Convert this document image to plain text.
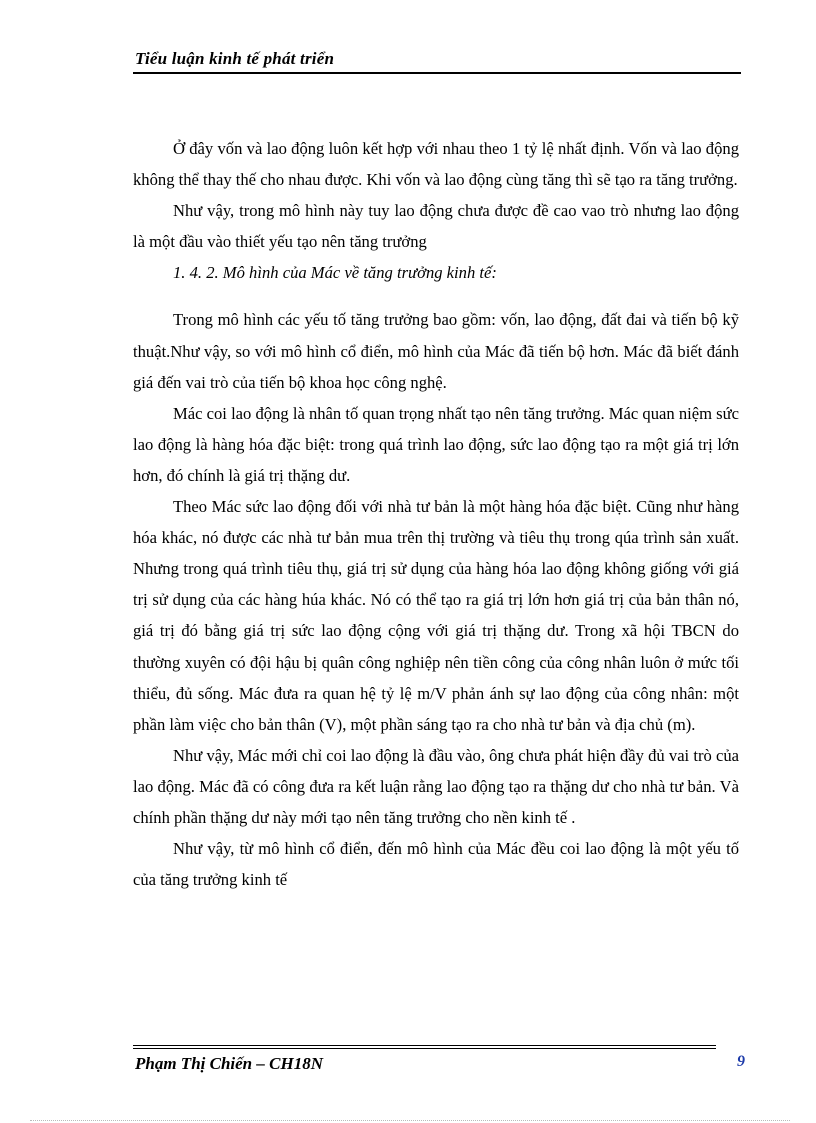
Tiểu luận kinh tế phát triển

Ở đây vốn và lao động luôn kết hợp với nhau theo 1 tỷ lệ nhất định. Vốn và lao động không thể thay thế cho nhau được. Khi vốn và lao động cùng tăng thì sẽ tạo ra tăng trưởng.

Như vậy, trong mô hình này tuy lao động chưa được đề cao vao trò nhưng lao động là một đầu vào thiết yếu tạo nên tăng trưởng

1. 4. 2. Mô hình của Mác về tăng trưởng kinh tế:

Trong mô hình các yếu tố tăng trưởng bao gồm: vốn, lao động, đất đai và tiến bộ kỹ thuật.Như vậy, so với mô hình cổ điển, mô hình của Mác đã tiến bộ hơn. Mác đã biết đánh giá đến vai trò của tiến bộ khoa học công nghệ.

Mác coi lao động là nhân tố quan trọng nhất tạo nên tăng trưởng. Mác quan niệm sức lao động là hàng hóa đặc biệt: trong quá trình lao động, sức lao động tạo ra một giá trị lớn hơn, đó chính là giá trị thặng dư.

Theo Mác sức lao động đối với nhà tư bản là một hàng hóa đặc biệt. Cũng như hàng hóa khác, nó được các nhà tư bản mua trên thị trường và tiêu thụ trong qúa trình sản xuất. Nhưng trong quá trình tiêu thụ, giá trị sử dụng của hàng hóa lao động không giống với giá trị sử dụng của các hàng húa khác. Nó có thể tạo ra giá trị lớn hơn giá trị của bản thân nó, giá trị đó bằng giá trị sức lao động cộng với giá trị thặng dư. Trong xã hội TBCN do thường xuyên có đội hậu bị quân công nghiệp nên tiền công của công nhân luôn ở mức tối thiểu, đủ sống. Mác đưa ra quan hệ tỷ lệ m/V phản ánh sự lao động của công nhân: một phần làm việc cho bản thân (V), một phần sáng tạo ra cho nhà tư bản và địa chủ (m).

Như vậy, Mác mới chỉ coi lao động là đầu vào, ông chưa phát hiện đầy đủ vai trò của lao động. Mác đã có công đưa ra kết luận rằng lao động tạo ra thặng dư cho nhà tư bản. Và chính phần thặng dư này mới tạo nên tăng trưởng cho nền kinh tế .

Như vậy, từ mô hình cổ điển, đến mô hình của Mác đều coi lao động là một yếu tố của tăng trưởng kinh tế

Phạm Thị Chiến – CH18N	9
